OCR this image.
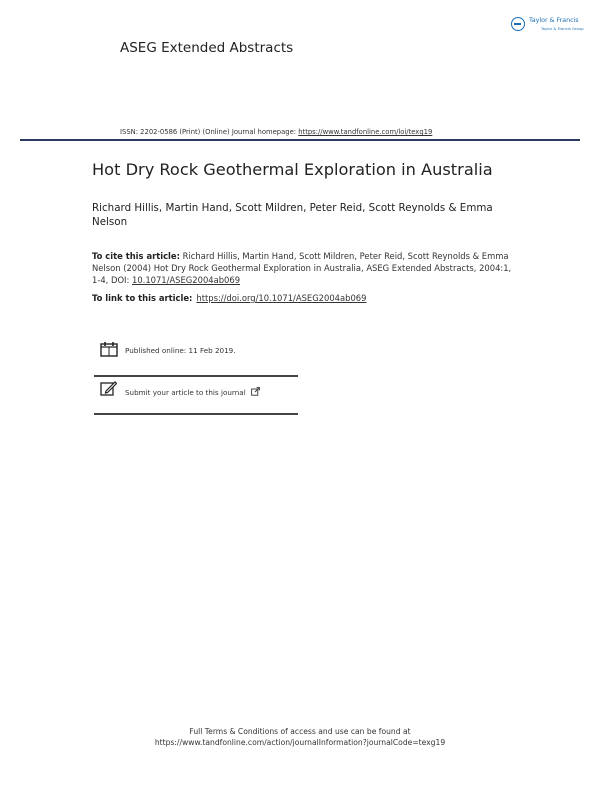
ASEG Extended Abstracts
Taylor & Francis
Taylor & Francis Group
ISSN: 2202-0586 (Print) (Online) Journal homepage: https://www.tandfonline.com/loi/texg19
Hot Dry Rock Geothermal Exploration in Australia
Richard Hillis, Martin Hand, Scott Mildren, Peter Reid, Scott Reynolds & Emma Nelson
To cite this article: Richard Hillis, Martin Hand, Scott Mildren, Peter Reid, Scott Reynolds & Emma Nelson (2004) Hot Dry Rock Geothermal Exploration in Australia, ASEG Extended Abstracts, 2004:1, 1-4, DOI: 10.1071/ASEG2004ab069
To link to this article: https://doi.org/10.1071/ASEG2004ab069
Published online: 11 Feb 2019.
Submit your article to this journal
Full Terms & Conditions of access and use can be found at
https://www.tandfonline.com/action/journalInformation?journalCode=texg19
